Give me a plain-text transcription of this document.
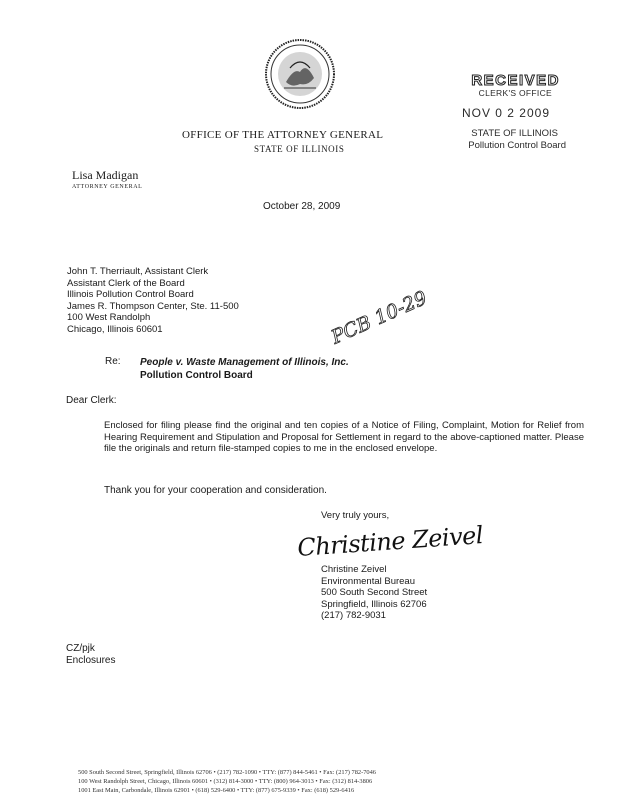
OFFICE OF THE ATTORNEY GENERAL
STATE OF ILLINOIS
RECEIVED
CLERK'S OFFICE
NOV 0 2 2009
STATE OF ILLINOIS
Pollution Control Board
Lisa Madigan
ATTORNEY GENERAL
October 28, 2009
John T. Therriault, Assistant Clerk
Assistant Clerk of the Board
Illinois Pollution Control Board
James R. Thompson Center, Ste. 11-500
100 West Randolph
Chicago, Illinois 60601	PCB 10-29
Re: People v. Waste Management of Illinois, Inc.
Pollution Control Board
Dear Clerk:
Enclosed for filing please find the original and ten copies of a Notice of Filing, Complaint, Motion for Relief from Hearing Requirement and Stipulation and Proposal for Settlement in regard to the above-captioned matter. Please file the originals and return file-stamped copies to me in the enclosed envelope.
Thank you for your cooperation and consideration.
Very truly yours,
Christine Zeivel
Christine Zeivel
Environmental Bureau
500 South Second Street
Springfield, Illinois 62706
(217) 782-9031
CZ/pjk
Enclosures
500 South Second Street, Springfield, Illinois 62706 • (217) 782-1090 • TTY: (877) 844-5461 • Fax: (217) 782-7046
100 West Randolph Street, Chicago, Illinois 60601 • (312) 814-3000 • TTY: (800) 964-3013 • Fax: (312) 814-3806
1001 East Main, Carbondale, Illinois 62901 • (618) 529-6400 • TTY: (877) 675-9339 • Fax: (618) 529-6416
